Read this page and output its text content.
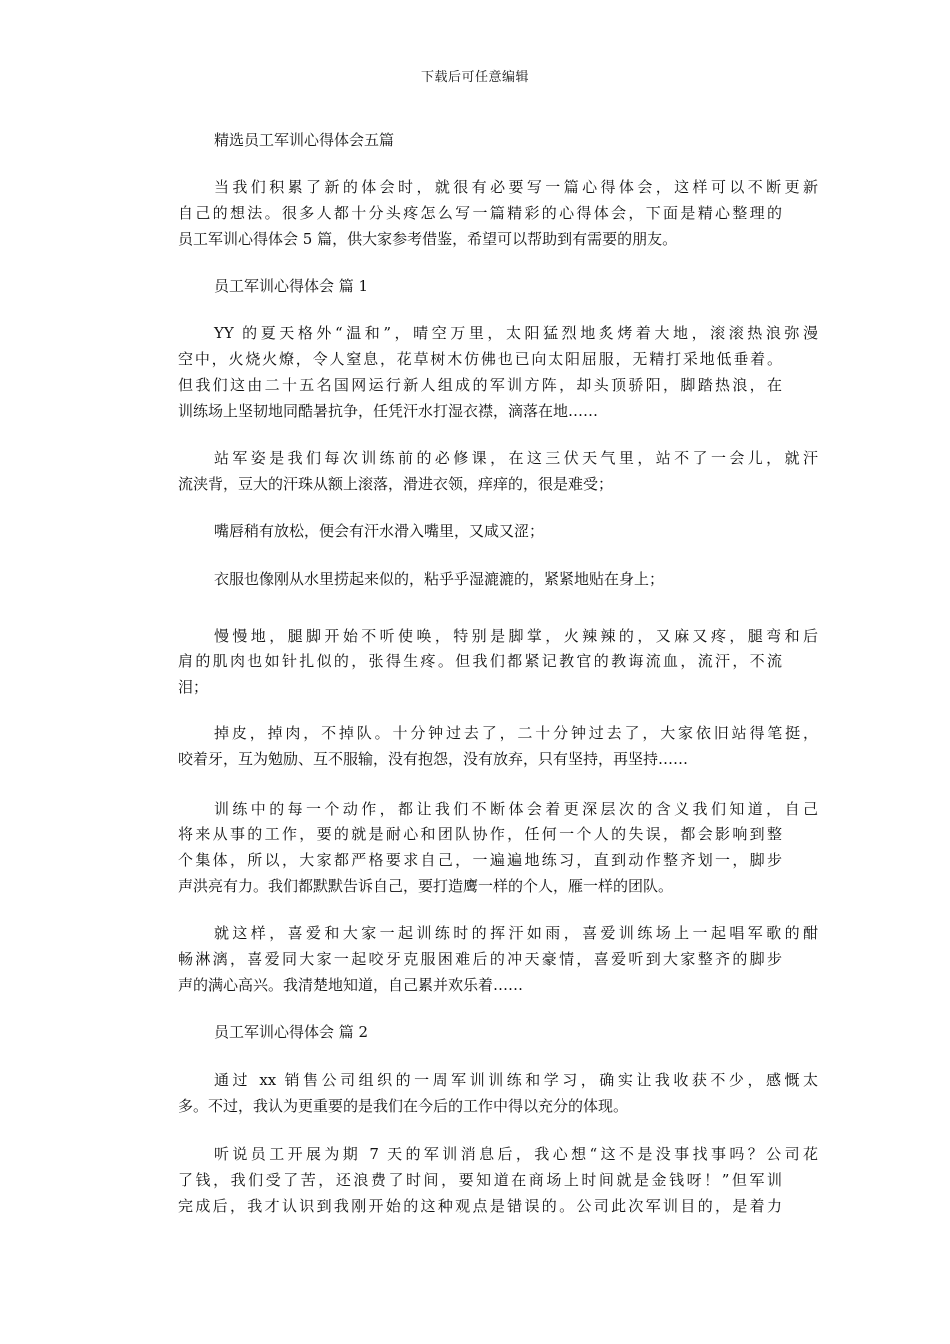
下载后可任意编辑
精选员工军训心得体会五篇
当我们积累了新的体会时，就很有必要写一篇心得体会，这样可以不断更新
自己的想法。很多人都十分头疼怎么写一篇精彩的心得体会，下面是精心整理的
员工军训心得体会 5 篇，供大家参考借鉴，希望可以帮助到有需要的朋友。
员工军训心得体会 篇 1
YY 的夏天格外“温和”，晴空万里，太阳猛烈地炙烤着大地，滚滚热浪弥漫
空中，火烧火燎，令人窒息，花草树木仿佛也已向太阳屈服，无精打采地低垂着。
但我们这由二十五名国网运行新人组成的军训方阵，却头顶骄阳，脚踏热浪，在
训练场上坚韧地同酷暑抗争，任凭汗水打湿衣襟，滴落在地……
站军姿是我们每次训练前的必修课，在这三伏天气里，站不了一会儿，就汗
流浃背，豆大的汗珠从额上滚落，滑进衣领，痒痒的，很是难受；
嘴唇稍有放松，便会有汗水滑入嘴里，又咸又涩；
衣服也像刚从水里捞起来似的，粘乎乎湿漉漉的，紧紧地贴在身上；
慢慢地，腿脚开始不听使唤，特别是脚掌，火辣辣的，又麻又疼，腿弯和后
肩的肌肉也如针扎似的，张得生疼。但我们都紧记教官的教诲流血，流汗，不流
泪；
掉皮，掉肉，不掉队。十分钟过去了，二十分钟过去了，大家依旧站得笔挺，
咬着牙，互为勉励、互不服输，没有抱怨，没有放弃，只有坚持，再坚持……
训练中的每一个动作，都让我们不断体会着更深层次的含义我们知道，自己
将来从事的工作，要的就是耐心和团队协作，任何一个人的失误，都会影响到整
个集体，所以，大家都严格要求自己，一遍遍地练习，直到动作整齐划一，脚步
声洪亮有力。我们都默默告诉自己，要打造鹰一样的个人，雁一样的团队。
就这样，喜爱和大家一起训练时的挥汗如雨，喜爱训练场上一起唱军歌的酣
畅淋漓，喜爱同大家一起咬牙克服困难后的冲天豪情，喜爱听到大家整齐的脚步
声的满心高兴。我清楚地知道，自己累并欢乐着……
员工军训心得体会 篇 2
通过 xx 销售公司组织的一周军训训练和学习，确实让我收获不少，感慨太
多。不过，我认为更重要的是我们在今后的工作中得以充分的体现。
听说员工开展为期 7 天的军训消息后，我心想“这不是没事找事吗？公司花
了钱，我们受了苦，还浪费了时间，要知道在商场上时间就是金钱呀！”但军训
完成后，我才认识到我刚开始的这种观点是错误的。公司此次军训目的，是着力
